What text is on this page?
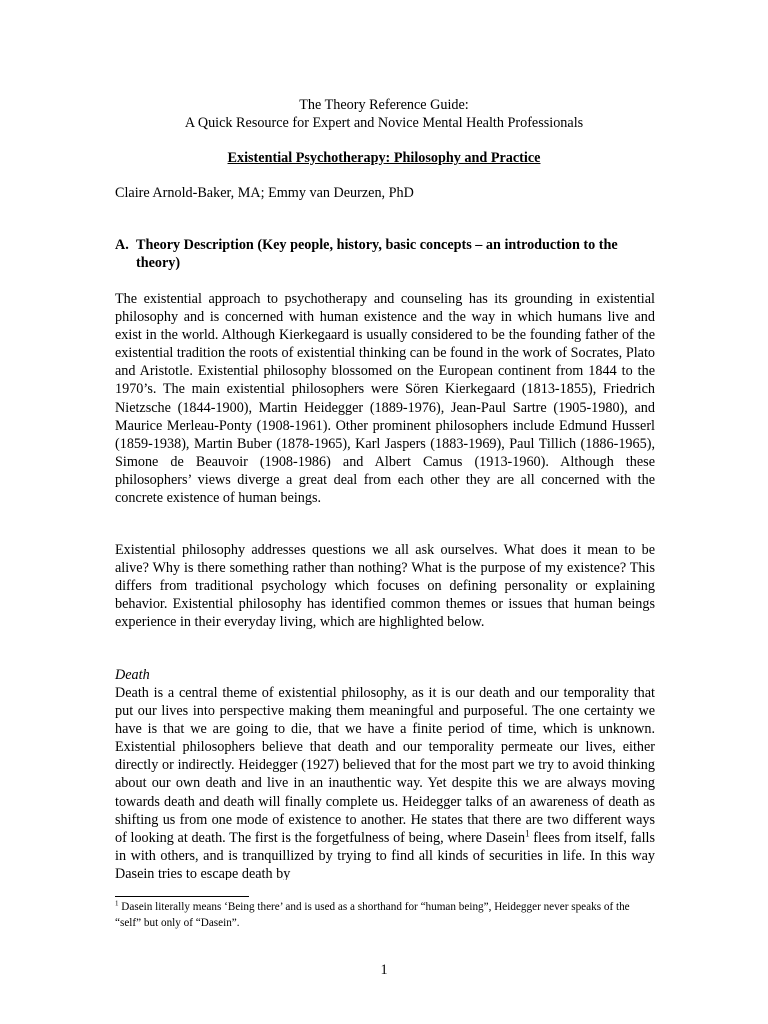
The Theory Reference Guide:
A Quick Resource for Expert and Novice Mental Health Professionals
Existential Psychotherapy: Philosophy and Practice
Claire Arnold-Baker, MA; Emmy van Deurzen, PhD
A. Theory Description (Key people, history, basic concepts – an introduction to the theory)

The existential approach to psychotherapy and counseling has its grounding in existential philosophy and is concerned with human existence and the way in which humans live and exist in the world. Although Kierkegaard is usually considered to be the founding father of the existential tradition the roots of existential thinking can be found in the work of Socrates, Plato and Aristotle. Existential philosophy blossomed on the European continent from 1844 to the 1970’s. The main existential philosophers were Sören Kierkegaard (1813-1855), Friedrich Nietzsche (1844-1900), Martin Heidegger (1889-1976), Jean-Paul Sartre (1905-1980), and Maurice Merleau-Ponty (1908-1961). Other prominent philosophers include Edmund Husserl (1859-1938), Martin Buber (1878-1965), Karl Jaspers (1883-1969), Paul Tillich (1886-1965), Simone de Beauvoir (1908-1986) and Albert Camus (1913-1960). Although these philosophers’ views diverge a great deal from each other they are all concerned with the concrete existence of human beings.

Existential philosophy addresses questions we all ask ourselves. What does it mean to be alive? Why is there something rather than nothing? What is the purpose of my existence? This differs from traditional psychology which focuses on defining personality or explaining behavior. Existential philosophy has identified common themes or issues that human beings experience in their everyday living, which are highlighted below.

Death

Death is a central theme of existential philosophy, as it is our death and our temporality that put our lives into perspective making them meaningful and purposeful. The one certainty we have is that we are going to die, that we have a finite period of time, which is unknown. Existential philosophers believe that death and our temporality permeate our lives, either directly or indirectly. Heidegger (1927) believed that for the most part we try to avoid thinking about our own death and live in an inauthentic way. Yet despite this we are always moving towards death and death will finally complete us. Heidegger talks of an awareness of death as shifting us from one mode of existence to another. He states that there are two different ways of looking at death. The first is the forgetfulness of being, where Dasein$^1$ flees from itself, falls in with others, and is tranquillized by trying to find all kinds of securities in life. In this way Dasein tries to escape death by

$^1$ Dasein literally means ‘Being there’ and is used as a shorthand for “human being”, Heidegger never speaks of the “self” but only of “Dasein”.
1
